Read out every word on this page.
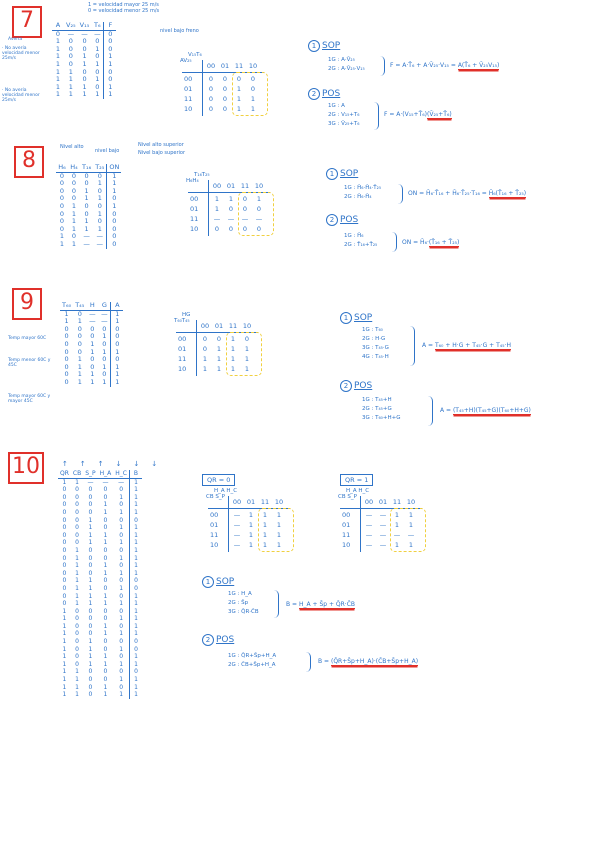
7
1 = velocidad mayor 25 m/s
0 = velocidad menor 25 m/s
nivel bajo freno
Avería
· No avería velocidad menor 25m/s
· No avería velocidad menor 25m/s
A	V₂₅	V₁₅	T₆	F
0	—	—	—	0
1	0	0	0	0
1	0	0	1	0
1	0	1	0	1
1	0	1	1	1
1	1	0	0	0
1	1	0	1	0
1	1	1	0	1
1	1	1	1	1
V₁₅T₆
AV₂₅
00 01 11 10
00	0	0	0	0
01	0	0	1	0
11	0	0	1	1
10	0	0	1	1
1 SOP
1G : A·V̄₂₅
2G : A·V̄₂₅·V₁₅	F = A·T̄₆ + A·V̄₂₅·V₁₅ = A(T̄₆ + V̄₂₅V₁₅)
2 POS
1G : A
2G : V₁₅+T₆
3G : V̄₂₅+T₆
F = A·(V₁₅+T̄₆)(V̄₂₅+T̄₆)
8
Nivel alto
nivel bajo
Nivel alto superior
Nivel bajo superior
H₆	H₄	T₁₆	T₂₅	ON
0	0	0	0	1
0	0	0	1	1
0	0	1	0	1
0	0	1	1	0
0	1	0	0	1
0	1	0	1	0
0	1	1	0	0
0	1	1	1	0
1	0	—	—	0
1	1	—	—	0
T₁₆T₂₅
H₆H₄
00 01 11 10
00	1	1	0	1
01	1	0	0	0
11	—	—	—	—
10	0	0	0	0
1 SOP
1G : H̄₆·H̄₄·T̄₂₅
2G : H̄₆·H̄₄	ON = H̄₆·T̄₁₆ + H̄₆·T̄₂₅·T₁₆ = H̄₆(T̄₁₆ + T̄₂₅)
2 POS
1G : H̄₆
2G : T̄₁₆+T̄₂₅	ON = H̄₆·(T̄₁₆ + T̄₂₅)
9
Temp mayor 60C
Temp menor 60C y 45C
Temp mayor 60C y mayor 45C
T₆₀	T₄₅	H	G	A
1	0	—	—	1
1	1	—	—	1
0	0	0	0	0
0	0	0	1	0
0	0	1	0	0
0	0	1	1	1
0	1	0	0	0
0	1	0	1	1
0	1	1	0	1
0	1	1	1	1
HG
T₆₀T₄₅
00 01 11 10
00	0	0	1	0
01	0	1	1	1
11	1	1	1	1
10	1	1	1	1
1 SOP
1G : T₆₀
2G : H·G
3G : T₄₅·G
4G : T₄₅·H
A = T₆₀ + H·G + T₄₅·G + T₄₅·H
2 POS
1G : T₄₅+H
2G : T₄₅+G
3G : T₆₀+H+G
A = (T₄₅+H)(T₄₅+G)(T₆₀+H+G)
10	↑↑↑↓↓↓
QR	CB	S_P	H_A	H_C	B
1	1	—	—	—	1
0	0	0	0	0	1
0	0	0	0	1	1
0	0	0	1	0	1
0	0	0	1	1	1
0	0	1	0	0	0
0	0	1	0	1	1
0	0	1	1	0	1
0	0	1	1	1	1
0	1	0	0	0	1
0	1	0	0	1	1
0	1	0	1	0	1
0	1	0	1	1	1
0	1	1	0	0	0
0	1	1	0	1	0
0	1	1	1	0	1
0	1	1	1	1	1
1	0	0	0	0	1
1	0	0	0	1	1
1	0	0	1	0	1
1	0	0	1	1	1
1	0	1	0	0	0
1	0	1	0	1	0
1	0	1	1	0	1
1	0	1	1	1	1
1	1	0	0	0	0
1	1	0	0	1	1
1	1	0	1	0	1
1	1	0	1	1	1
QR = 0
H_A H_C
CB S_P
00 01 11 10
00	—	1	1	1
01	—	1	1	1
11	—	1	1	1
10	—	1	1	1
QR = 1
H_A H_C
CB S_P
00 01 11 10
00	—	—	1	1
01	—	—	1	1
11	—	—	—	—
10	—	—	1	1
1 SOP
1G : H_A
2G : S̄p
3G : Q̄R·C̄B
B = H_A + S̄p + Q̄R·C̄B
2 POS
1G : Q̄R+S̄p+H_A
2G : C̄B+S̄p+H_A	B = (Q̄R+S̄p+H_A)·(C̄B+S̄p+H_A)
